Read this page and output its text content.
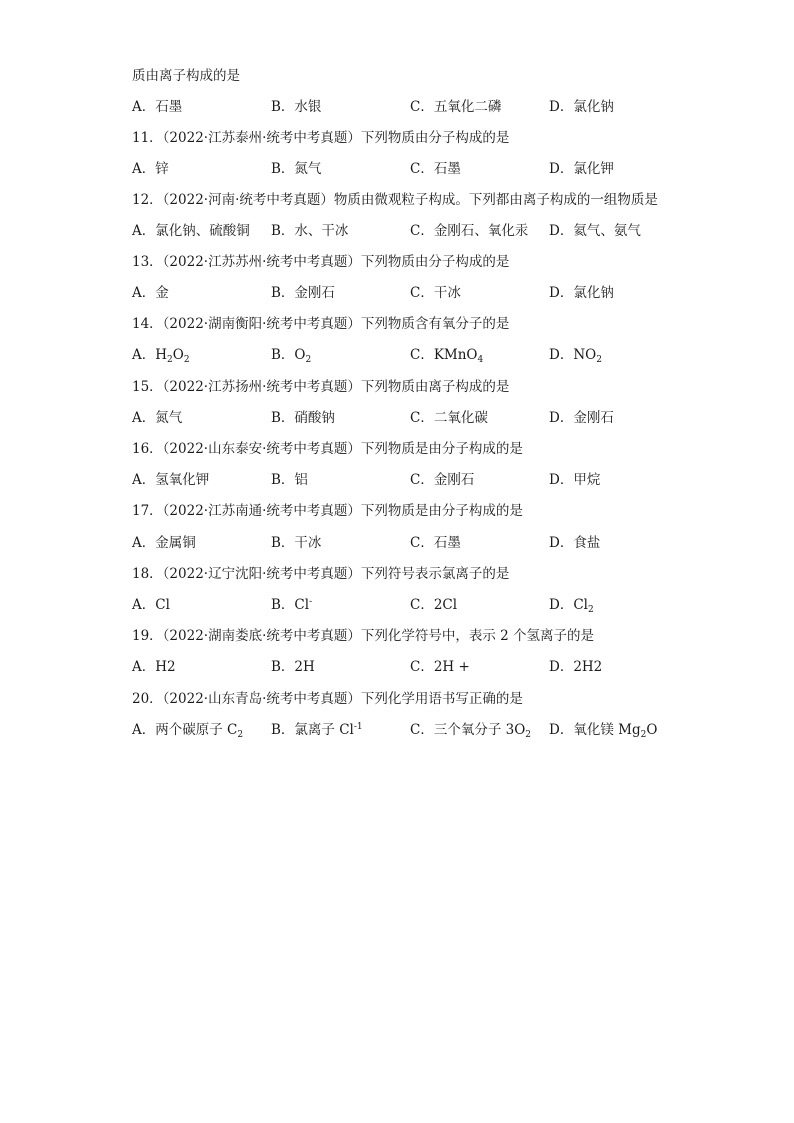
质由离子构成的是
A．石墨	B．水银	C．五氧化二磷	D．氯化钠
11．（2022·江苏泰州·统考中考真题）下列物质由分子构成的是
A．锌	B．氮气	C．石墨	D．氯化钾
12．（2022·河南·统考中考真题）物质由微观粒子构成。下列都由离子构成的一组物质是
A．氯化钠、硫酸铜 B．水、干冰	C．金刚石、氧化汞 D．氦气、氨气
13．（2022·江苏苏州·统考中考真题）下列物质由分子构成的是
A．金	B．金刚石	C．干冰	D．氯化钠
14．（2022·湖南衡阳·统考中考真题）下列物质含有氧分子的是
A．$H_2O_2$	B．$O_2$	C．KMnO$_4$	D．$NO_2$
15．（2022·江苏扬州·统考中考真题）下列物质由离子构成的是
A．氮气	B．硝酸钠	C．二氧化碳	D．金刚石
16．（2022·山东泰安·统考中考真题）下列物质是由分子构成的是
A．氢氧化钾	B．铝	C．金刚石	D．甲烷
17．（2022·江苏南通·统考中考真题）下列物质是由分子构成的是
A．金属铜	B．干冰	C．石墨	D．食盐
18．（2022·辽宁沈阳·统考中考真题）下列符号表示氯离子的是
A．Cl	B．Cl-	C．2Cl	D．$Cl_2$
19．（2022·湖南娄底·统考中考真题）下列化学符号中，表示 2 个氢离子的是
A．H2	B．2H	C．2H +	D．2H2
20．（2022·山东青岛·统考中考真题）下列化学用语书写正确的是
A．两个碳原子 $C_2$ B．氯离子 $Cl^{-1}$	C．三个氧分子 $3O_2$ D．氧化镁 $Mg_2O$
